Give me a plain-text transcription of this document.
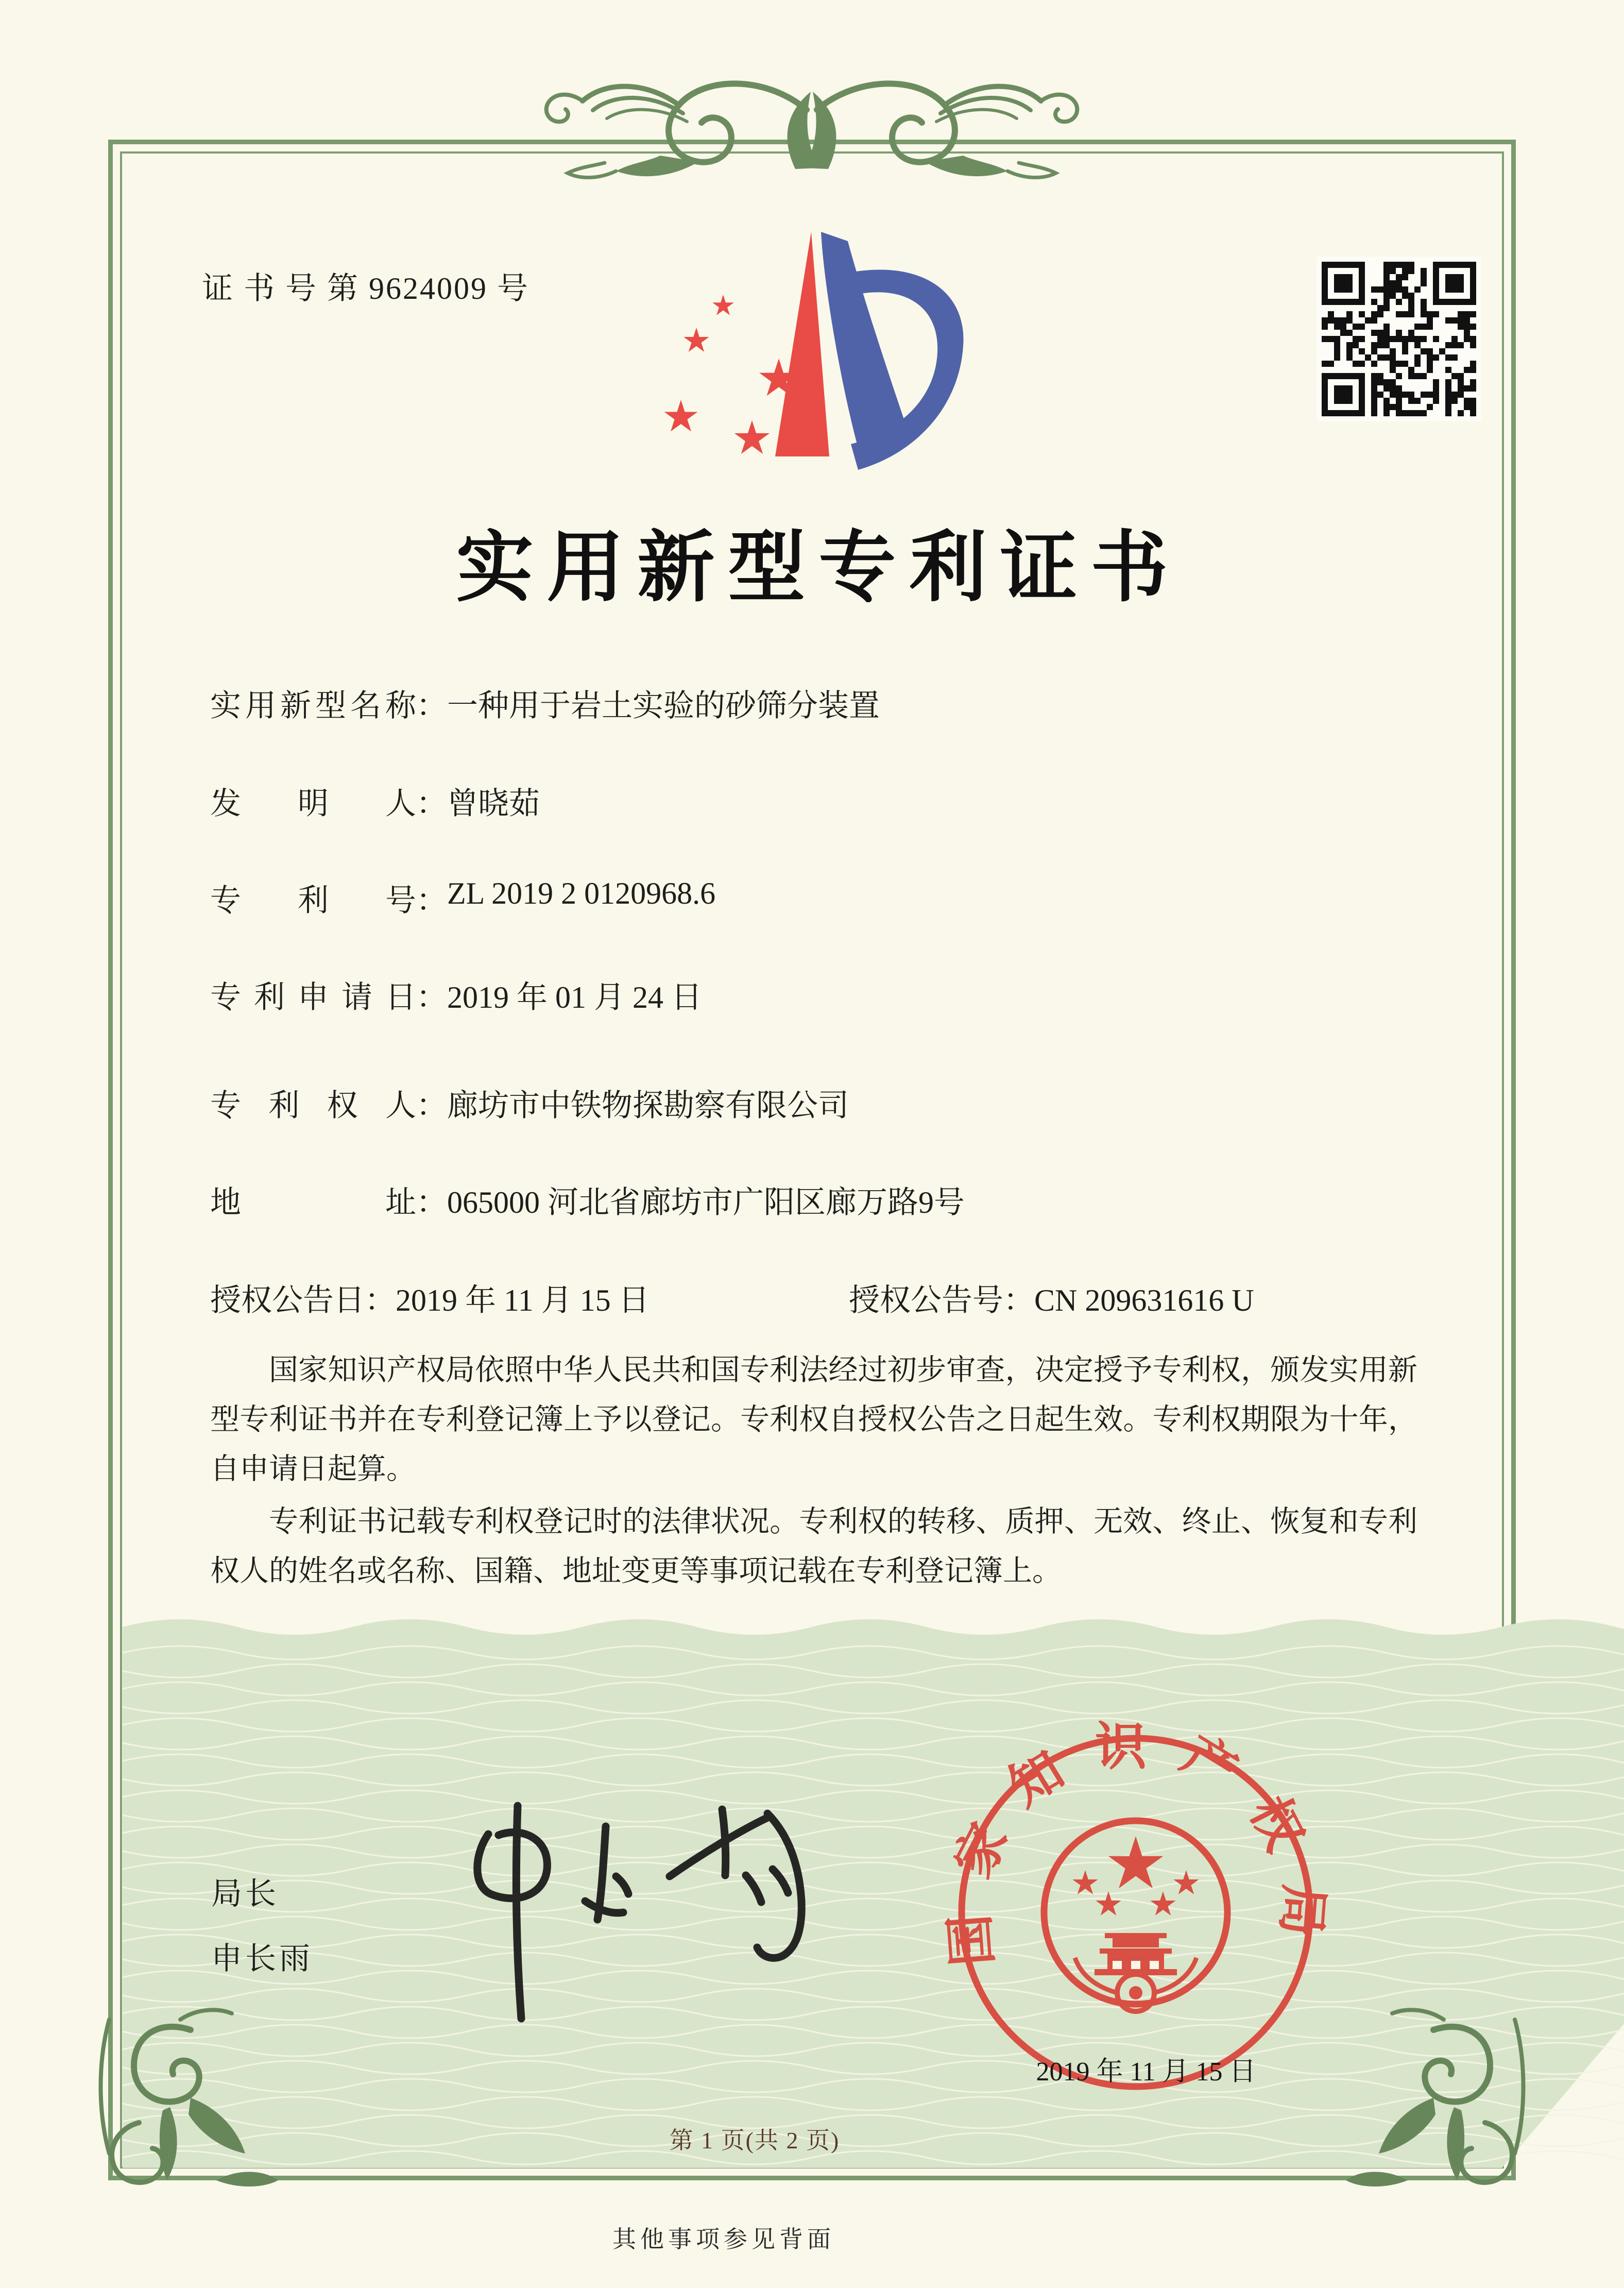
证 书 号 第 9624009 号
实用新型专利证书
实用新型名称：一种用于岩土实验的砂筛分装置
发明人：曾晓茹
专利号：ZL 2019 2 0120968.6
专利申请日：2019 年 01 月 24 日
专利权人：廊坊市中铁物探勘察有限公司
地址：065000 河北省廊坊市广阳区廊万路9号
授权公告日：2019 年 11 月 15 日	授权公告号：CN 209631616 U
国家知识产权局依照中华人民共和国专利法经过初步审查，决定授予专利权，颁发实用新型专利证书并在专利登记簿上予以登记。专利权自授权公告之日起生效。专利权期限为十年，自申请日起算。
专利证书记载专利权登记时的法律状况。专利权的转移、质押、无效、终止、恢复和专利权人的姓名或名称、国籍、地址变更等事项记载在专利登记簿上。
局长
申长雨	国家知识产权局
2019 年 11 月 15 日
第 1 页(共 2 页)
其他事项参见背面
